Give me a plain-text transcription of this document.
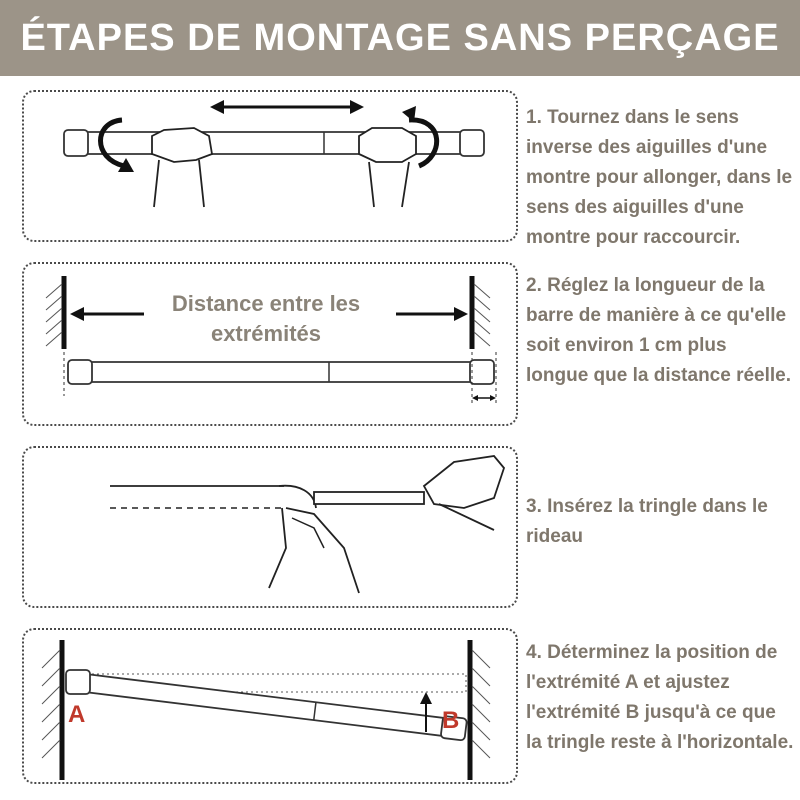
ÉTAPES DE MONTAGE SANS PERÇAGE
1. Tournez dans le sens inverse des aiguilles d'une montre pour allonger, dans le sens des aiguilles d'une montre pour raccourcir.
Distance entre les
extrémités
2. Réglez la longueur de la barre de manière à ce qu'elle soit environ 1 cm plus longue que la distance réelle.
3. Insérez la tringle dans le rideau
A	B
4. Déterminez la position de l'extrémité A et ajustez l'extrémité B jusqu'à ce que la tringle reste à l'horizontale.
